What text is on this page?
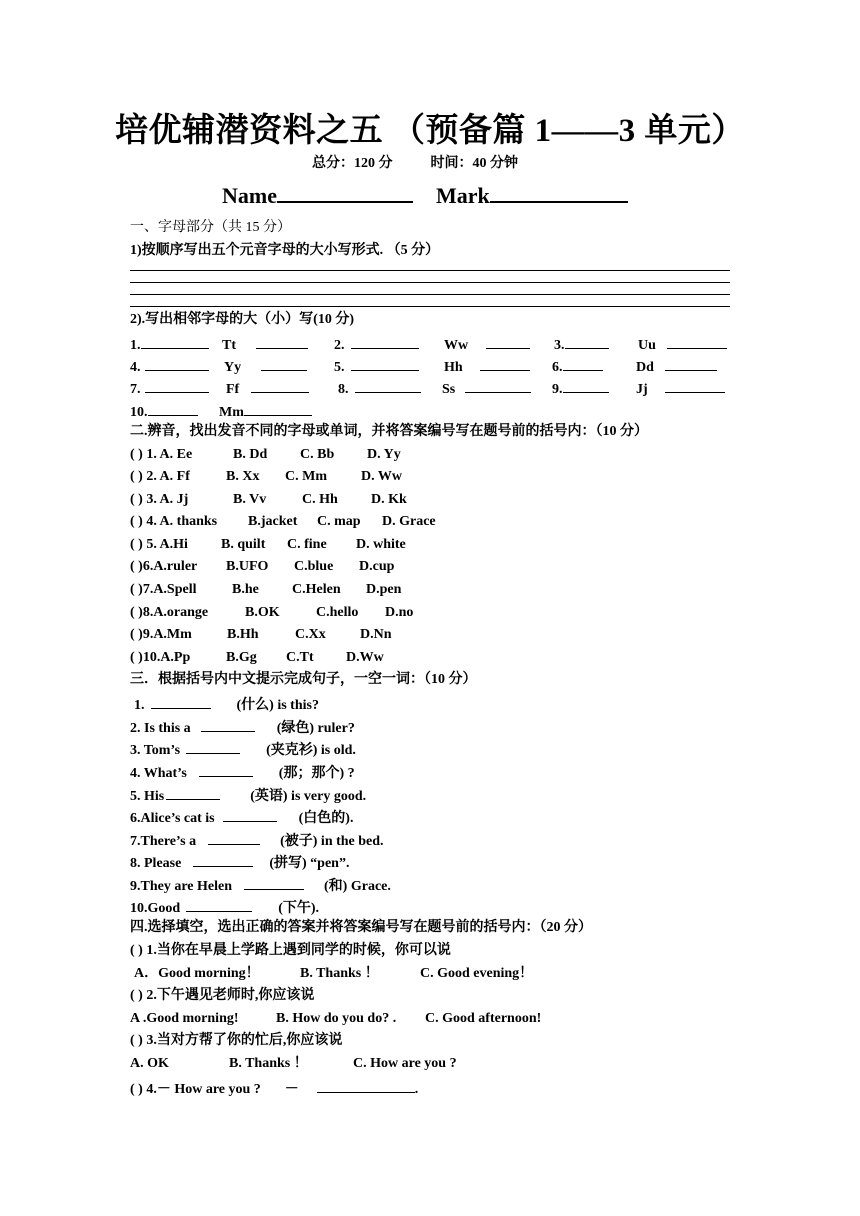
培优辅潜资料之五 （预备篇 1——3 单元）
总分：120 分	时间：40 分钟
Name	Mark
一、字母部分（共 15 分）
1)按顺序写出五个元音字母的大小写形式. （5 分）
2).写出相邻字母的大（小）写(10 分)
1.	Tt	2.	Ww	3.	Uu
4.	Yy	5.	Hh	6.	Dd
7.	Ff	8.	Ss	9.	Jj
10.	Mm
二.辨音，找出发音不同的字母或单词，并将答案编号写在题号前的括号内：（10 分）
( ) 1. A. Ee	B. Dd C. Bb D. Yy
( ) 2. A. Ff	B. Xx C. Mm D. Ww
( ) 3. A. Jj	B. Vv	C. Hh D. Kk
( ) 4. A. thanks B.jacket C. map D. Grace
( ) 5. A.Hi B. quilt C. fine D. white
( )6.A.ruler B.UFO C.blue D.cup
( )7.A.Spell	B.he C.Helen D.pen
( )8.A.orange	B.OK	C.hello D.no
( )9.A.Mm	B.Hh	C.Xx D.Nn
( )10.A.Pp	B.Gg C.Tt D.Ww
三．根据括号内中文提示完成句子，一空一词：（10 分）
1.	(什么) is this?
2. Is this a	(绿色) ruler?
3. Tom’s	(夹克衫) is old.
4. What’s	(那；那个) ?
5. His	(英语) is very good.
6.Alice’s cat is	(白色的).
7.There’s a	(被子) in the bed.
8. Please	(拼写) “pen”.
9.They are Helen	(和) Grace.
10.Good	(下午).
四.选择填空，选出正确的答案并将答案编号写在题号前的括号内：（20 分）
( ) 1.当你在早晨上学路上遇到同学的时候，你可以说
A．Good morning！	B. Thanks ！	C. Good evening！
( ) 2.下午遇见老师时,你应该说
A .Good morning!	B. How do you do? . C. Good afternoon!
( ) 3.当对方帮了你的忙后,你应该说
A. OK	B. Thanks ！	C. How are you ?
( ) 4.－ How are you ? －	.
